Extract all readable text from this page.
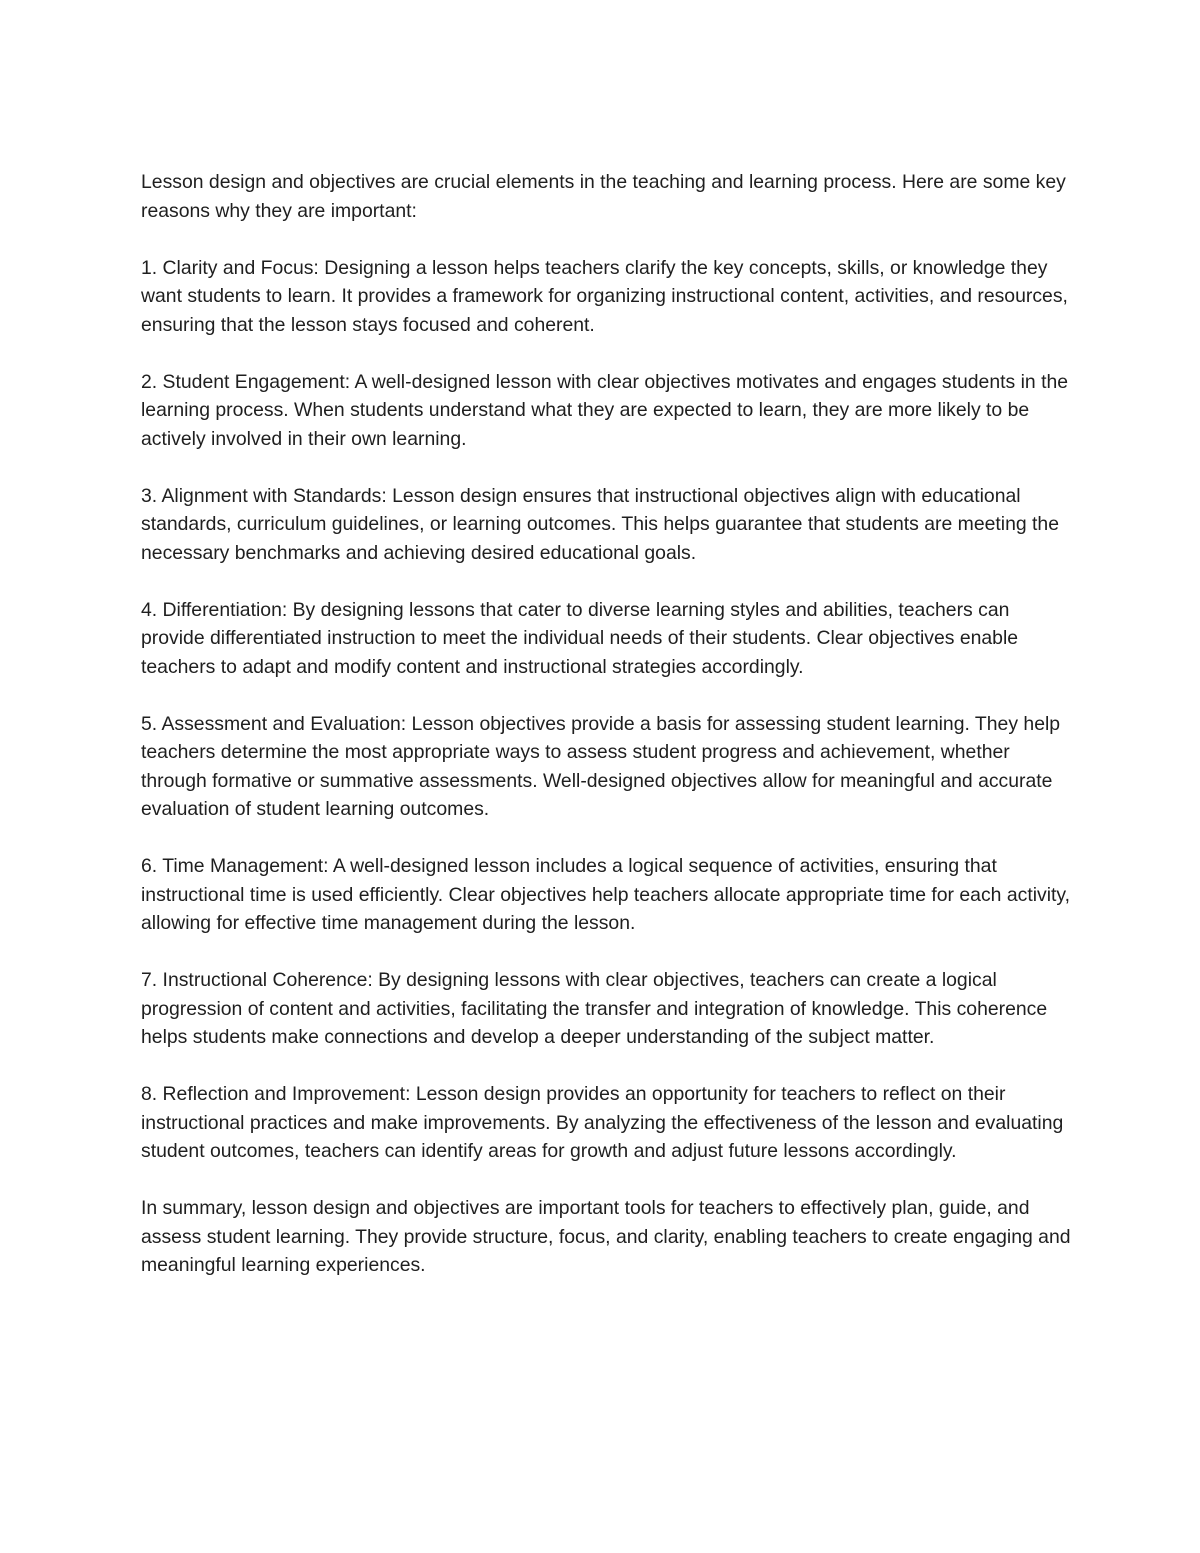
Lesson design and objectives are crucial elements in the teaching and learning process. Here are some key reasons why they are important:

1. Clarity and Focus: Designing a lesson helps teachers clarify the key concepts, skills, or knowledge they want students to learn. It provides a framework for organizing instructional content, activities, and resources, ensuring that the lesson stays focused and coherent.

2. Student Engagement: A well-designed lesson with clear objectives motivates and engages students in the learning process. When students understand what they are expected to learn, they are more likely to be actively involved in their own learning.

3. Alignment with Standards: Lesson design ensures that instructional objectives align with educational standards, curriculum guidelines, or learning outcomes. This helps guarantee that students are meeting the necessary benchmarks and achieving desired educational goals.

4. Differentiation: By designing lessons that cater to diverse learning styles and abilities, teachers can provide differentiated instruction to meet the individual needs of their students. Clear objectives enable teachers to adapt and modify content and instructional strategies accordingly.

5. Assessment and Evaluation: Lesson objectives provide a basis for assessing student learning. They help teachers determine the most appropriate ways to assess student progress and achievement, whether through formative or summative assessments. Well-designed objectives allow for meaningful and accurate evaluation of student learning outcomes.

6. Time Management: A well-designed lesson includes a logical sequence of activities, ensuring that instructional time is used efficiently. Clear objectives help teachers allocate appropriate time for each activity, allowing for effective time management during the lesson.

7. Instructional Coherence: By designing lessons with clear objectives, teachers can create a logical progression of content and activities, facilitating the transfer and integration of knowledge. This coherence helps students make connections and develop a deeper understanding of the subject matter.

8. Reflection and Improvement: Lesson design provides an opportunity for teachers to reflect on their instructional practices and make improvements. By analyzing the effectiveness of the lesson and evaluating student outcomes, teachers can identify areas for growth and adjust future lessons accordingly.

In summary, lesson design and objectives are important tools for teachers to effectively plan, guide, and assess student learning. They provide structure, focus, and clarity, enabling teachers to create engaging and meaningful learning experiences.
